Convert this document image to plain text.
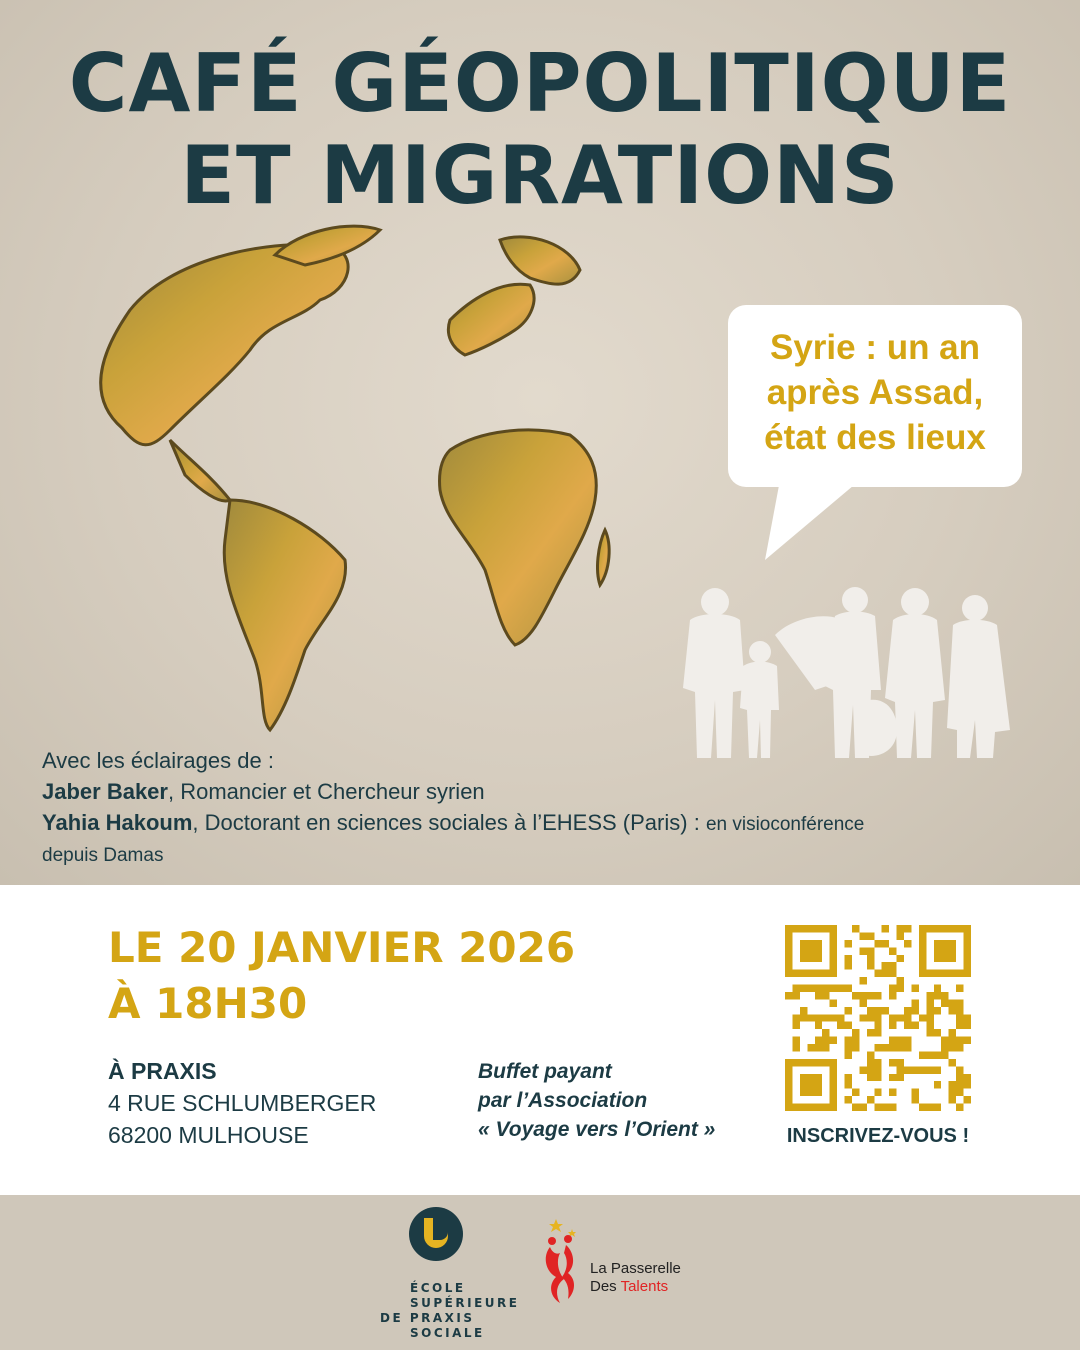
CAFÉ GÉOPOLITIQUE
ET MIGRATIONS
Syrie : un an
après Assad,
état des lieux
Avec les éclairages de :
Jaber Baker, Romancier et Chercheur syrien
Yahia Hakoum, Doctorant en sciences sociales à l’EHESS (Paris) : en visioconférence
depuis Damas
LE 20 JANVIER 2026
À 18H30
À PRAXIS
4 RUE SCHLUMBERGER
68200 MULHOUSE
Buffet payant
par l’Association
« Voyage vers l’Orient »	INSCRIVEZ-VOUS !
ÉCOLE
SUPÉRIEURE
DE PRAXIS
SOCIALE
La Passerelle
Des Talents
